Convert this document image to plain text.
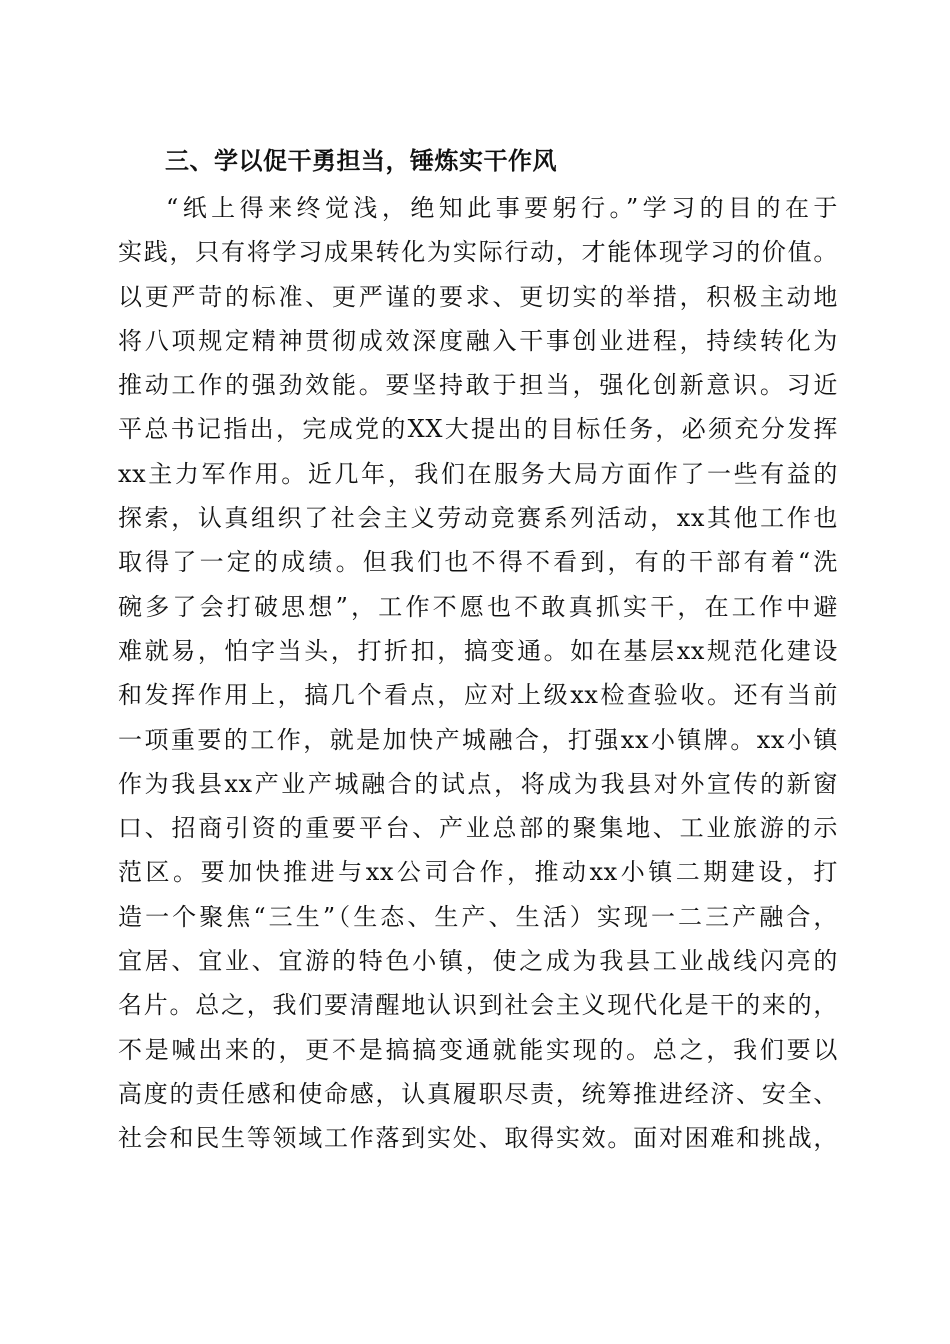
三、学以促干勇担当，锤炼实干作风
“纸上得来终觉浅，绝知此事要躬行。”学习的目的在于
实践，只有将学习成果转化为实际行动，才能体现学习的价值。
以更严苛的标准、更严谨的要求、更切实的举措，积极主动地
将八项规定精神贯彻成效深度融入干事创业进程，持续转化为
推动工作的强劲效能。要坚持敢于担当，强化创新意识。习近
平总书记指出，完成党的XX大提出的目标任务，必须充分发挥
xx主力军作用。近几年，我们在服务大局方面作了一些有益的
探索，认真组织了社会主义劳动竞赛系列活动，xx其他工作也
取得了一定的成绩。但我们也不得不看到，有的干部有着“洗
碗多了会打破思想”，工作不愿也不敢真抓实干，在工作中避
难就易，怕字当头，打折扣，搞变通。如在基层xx规范化建设
和发挥作用上，搞几个看点，应对上级xx检查验收。还有当前
一项重要的工作，就是加快产城融合，打强xx小镇牌。xx小镇
作为我县xx产业产城融合的试点，将成为我县对外宣传的新窗
口、招商引资的重要平台、产业总部的聚集地、工业旅游的示
范区。要加快推进与xx公司合作，推动xx小镇二期建设，打
造一个聚焦“三生”（生态、生产、生活）实现一二三产融合，
宜居、宜业、宜游的特色小镇，使之成为我县工业战线闪亮的
名片。总之，我们要清醒地认识到社会主义现代化是干的来的，
不是喊出来的，更不是搞搞变通就能实现的。总之，我们要以
高度的责任感和使命感，认真履职尽责，统筹推进经济、安全、
社会和民生等领域工作落到实处、取得实效。面对困难和挑战，
